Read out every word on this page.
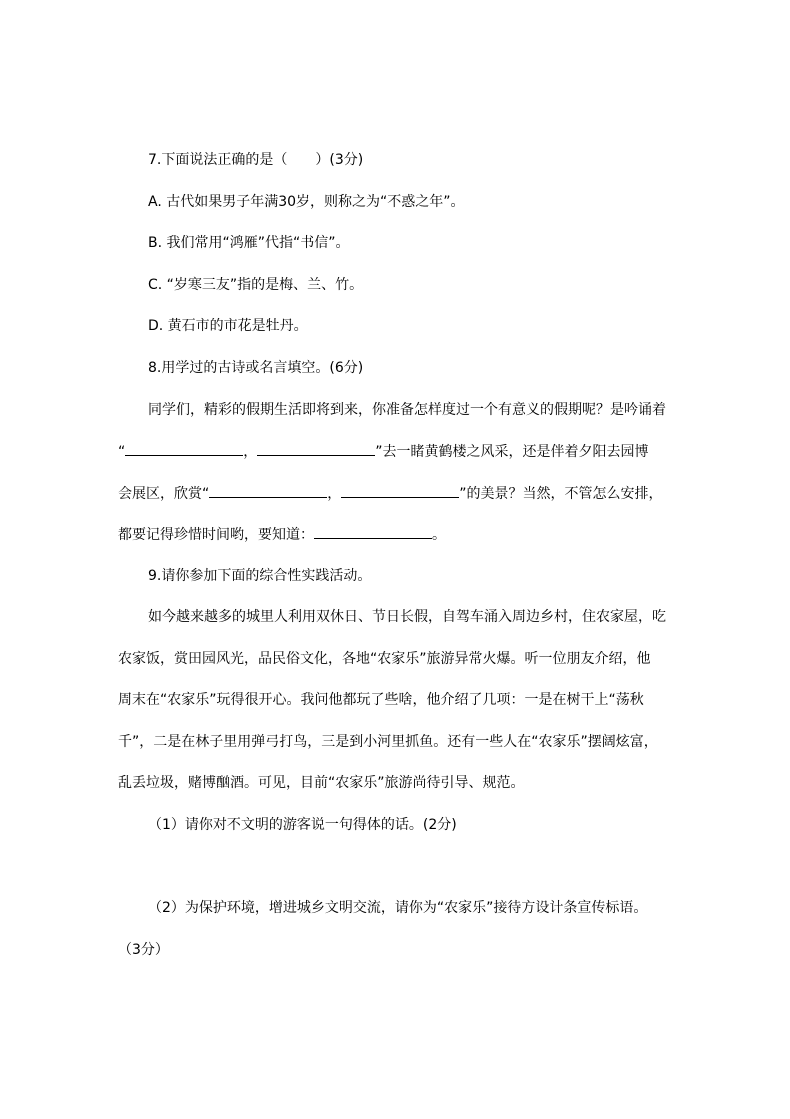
7.下面说法正确的是（　　）(3分)
A. 古代如果男子年满30岁，则称之为“不惑之年”。
B. 我们常用“鸿雁”代指“书信”。
C. “岁寒三友”指的是梅、兰、竹。
D. 黄石市的市花是牡丹。
8.用学过的古诗或名言填空。(6分)
同学们，精彩的假期生活即将到来，你准备怎样度过一个有意义的假期呢？是吟诵着
“	，	”去一睹黄鹤楼之风采，还是伴着夕阳去园博
会展区，欣赏“	，	”的美景？当然，不管怎么安排，
都要记得珍惜时间哟，要知道：	。
9.请你参加下面的综合性实践活动。
如今越来越多的城里人利用双休日、节日长假，自驾车涌入周边乡村，住农家屋，吃
农家饭，赏田园风光，品民俗文化，各地“农家乐”旅游异常火爆。听一位朋友介绍，他
周末在“农家乐”玩得很开心。我问他都玩了些啥，他介绍了几项：一是在树干上“荡秋
千”，二是在林子里用弹弓打鸟，三是到小河里抓鱼。还有一些人在“农家乐”摆阔炫富，
乱丢垃圾，赌博酗酒。可见，目前“农家乐”旅游尚待引导、规范。
（1）请你对不文明的游客说一句得体的话。(2分)
（2）为保护环境，增进城乡文明交流，请你为“农家乐”接待方设计条宣传标语。
（3分）
